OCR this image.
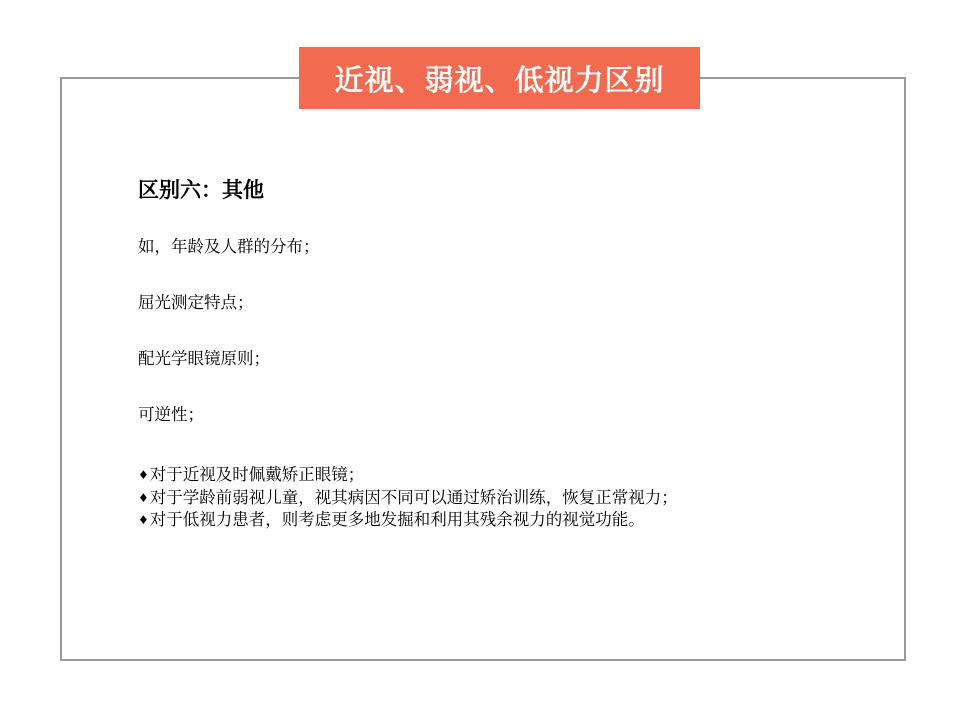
近视、弱视、低视力区别
区别六：其他
如，年龄及人群的分布；
屈光测定特点；
配光学眼镜原则；
可逆性；
♦对于近视及时佩戴矫正眼镜；
♦对于学龄前弱视儿童，视其病因不同可以通过矫治训练，恢复正常视力；
♦对于低视力患者，则考虑更多地发掘和利用其残余视力的视觉功能。
